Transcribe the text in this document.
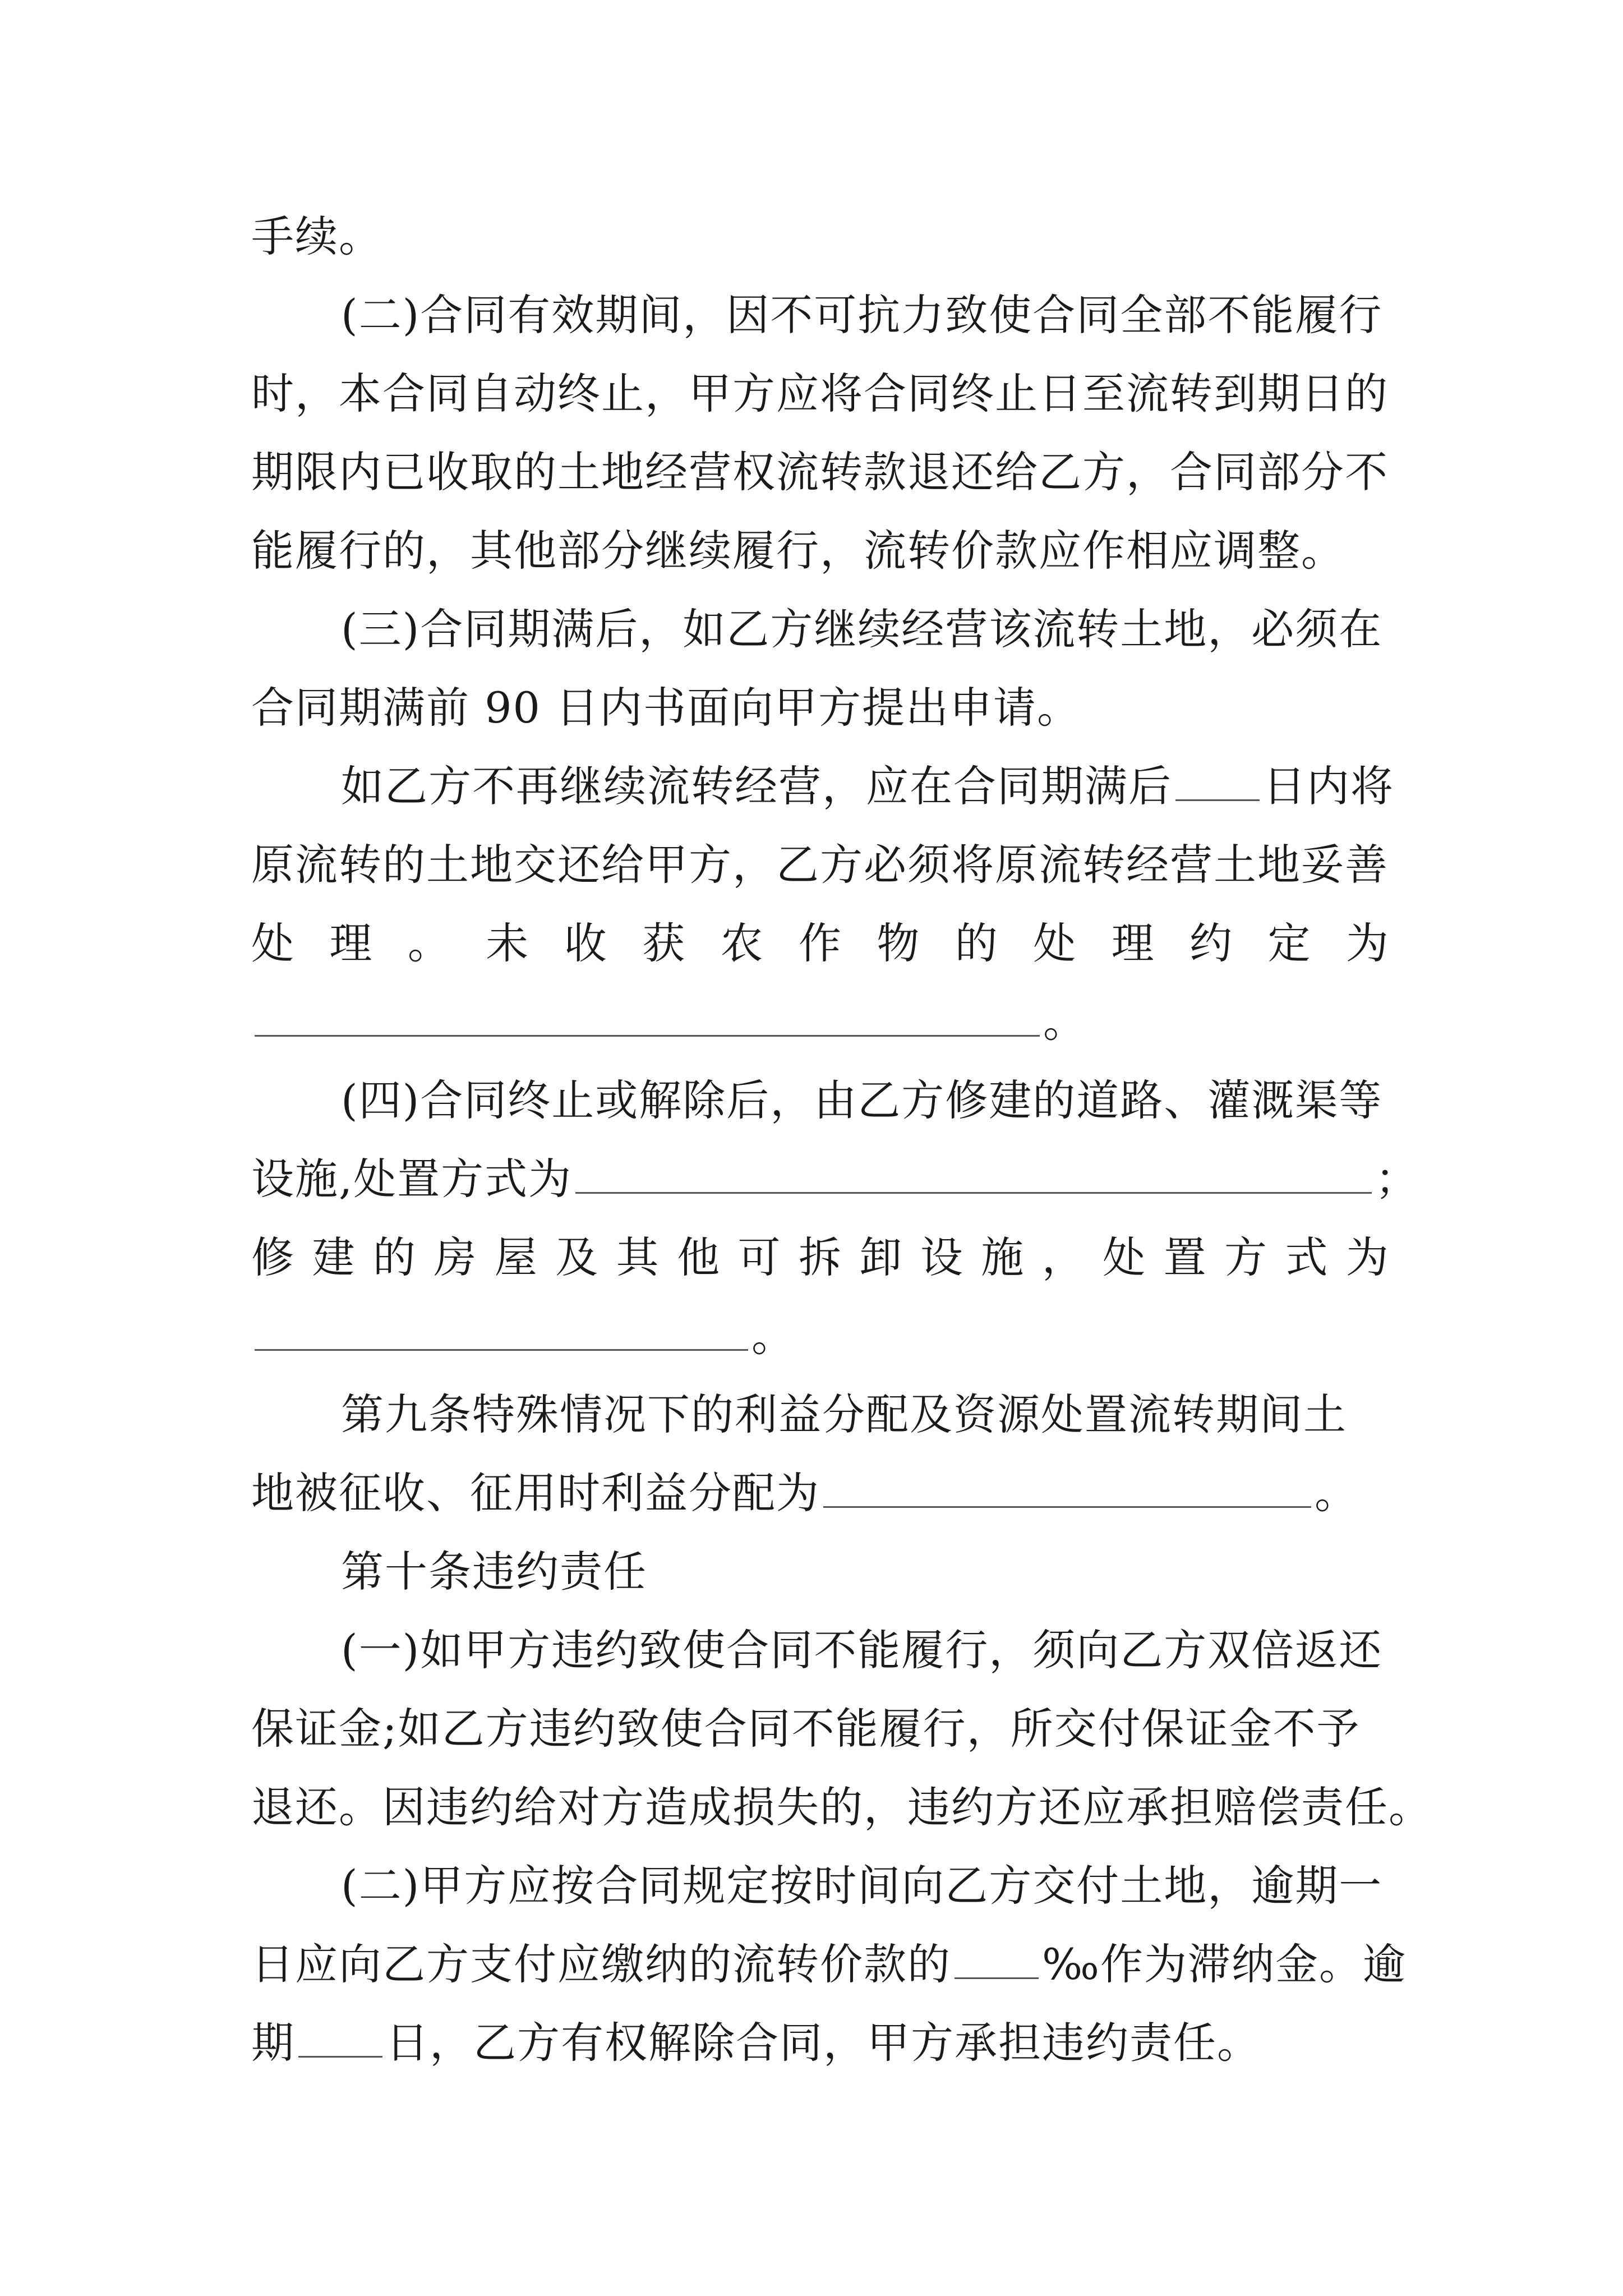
手续。
(二)合同有效期间，因不可抗力致使合同全部不能履行
时，本合同自动终止，甲方应将合同终止日至流转到期日的
期限内已收取的土地经营权流转款退还给乙方，合同部分不
能履行的，其他部分继续履行，流转价款应作相应调整。
(三)合同期满后，如乙方继续经营该流转土地，必须在
合同期满前 90 日内书面向甲方提出申请。
如乙方不再继续流转经营，应在合同期满后 日内将
原流转的土地交还给甲方，乙方必须将原流转经营土地妥善
处 理 。 未 收 获 农 作 物 的 处 理 约 定 为
。
(四)合同终止或解除后，由乙方修建的道路、灌溉渠等
设施,处置方式为	；
修 建 的 房 屋 及 其 他 可 拆 卸 设 施 ， 处 置 方 式 为
。
第九条特殊情况下的利益分配及资源处置流转期间土
地被征收、征用时利益分配为	。
第十条违约责任
(一)如甲方违约致使合同不能履行，须向乙方双倍返还
保证金;如乙方违约致使合同不能履行，所交付保证金不予
退还。因违约给对方造成损失的，违约方还应承担赔偿责任。
(二)甲方应按合同规定按时间向乙方交付土地，逾期一
日应向乙方支付应缴纳的流转价款的 ‰作为滞纳金。逾
期 日，乙方有权解除合同，甲方承担违约责任。
